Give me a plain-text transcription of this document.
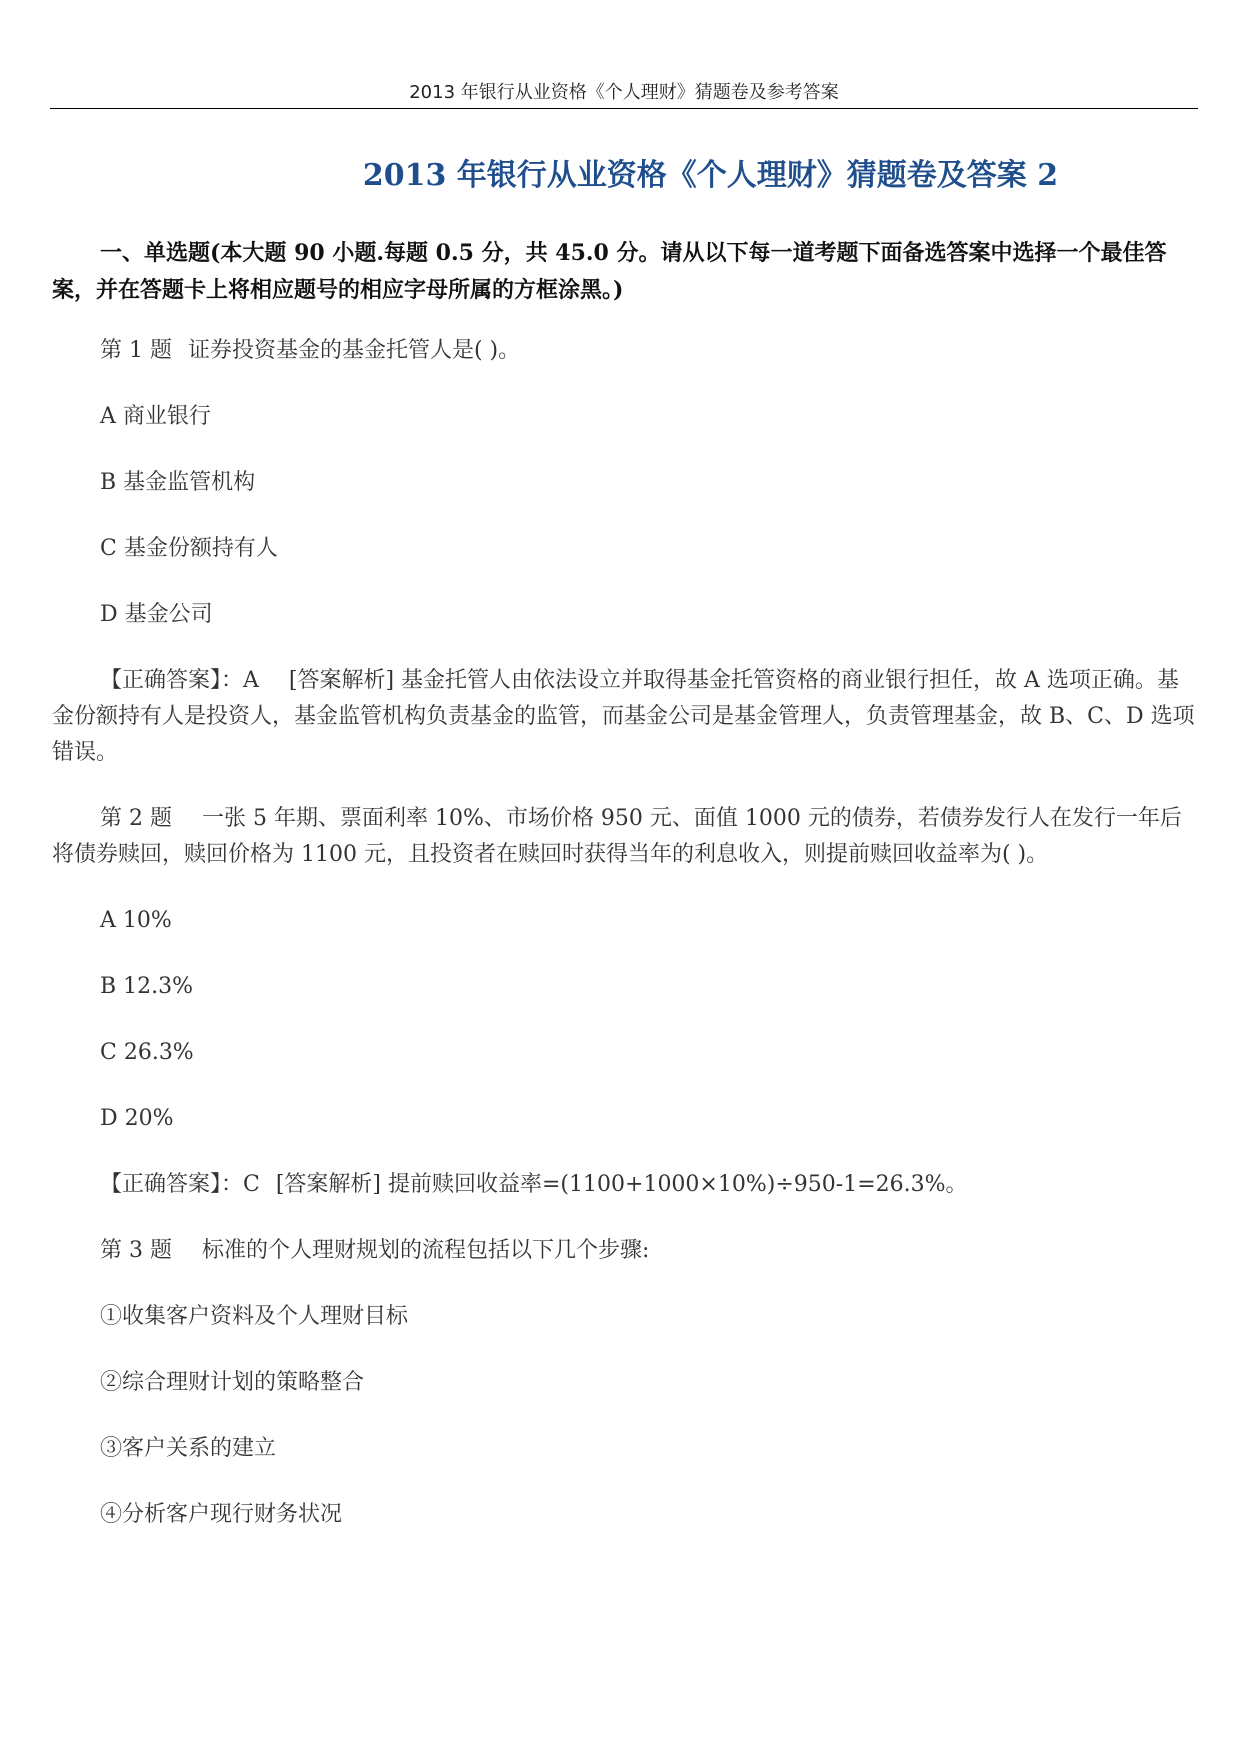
2013 年银行从业资格《个人理财》猜题卷及参考答案
2013 年银行从业资格《个人理财》猜题卷及答案 2

一、单选题(本大题 90 小题.每题 0.5 分，共 45.0 分。请从以下每一道考题下面备选答案中选择一个最佳答案，并在答题卡上将相应题号的相应字母所属的方框涂黑。)

第 1 题 证券投资基金的基金托管人是( )。

A 商业银行

B 基金监管机构

C 基金份额持有人

D 基金公司

【正确答案】：A [答案解析] 基金托管人由依法设立并取得基金托管资格的商业银行担任，故 A 选项正确。基金份额持有人是投资人，基金监管机构负责基金的监管，而基金公司是基金管理人，负责管理基金，故 B、C、D 选项错误。

第 2 题 一张 5 年期、票面利率 10%、市场价格 950 元、面值 1000 元的债券，若债券发行人在发行一年后将债券赎回，赎回价格为 1100 元，且投资者在赎回时获得当年的利息收入，则提前赎回收益率为( )。

A 10%

B 12.3%

C 26.3%

D 20%

【正确答案】：C [答案解析] 提前赎回收益率=(1100+1000×10%)÷950-1=26.3%。

第 3 题 标准的个人理财规划的流程包括以下几个步骤:

①收集客户资料及个人理财目标

②综合理财计划的策略整合

③客户关系的建立

④分析客户现行财务状况
